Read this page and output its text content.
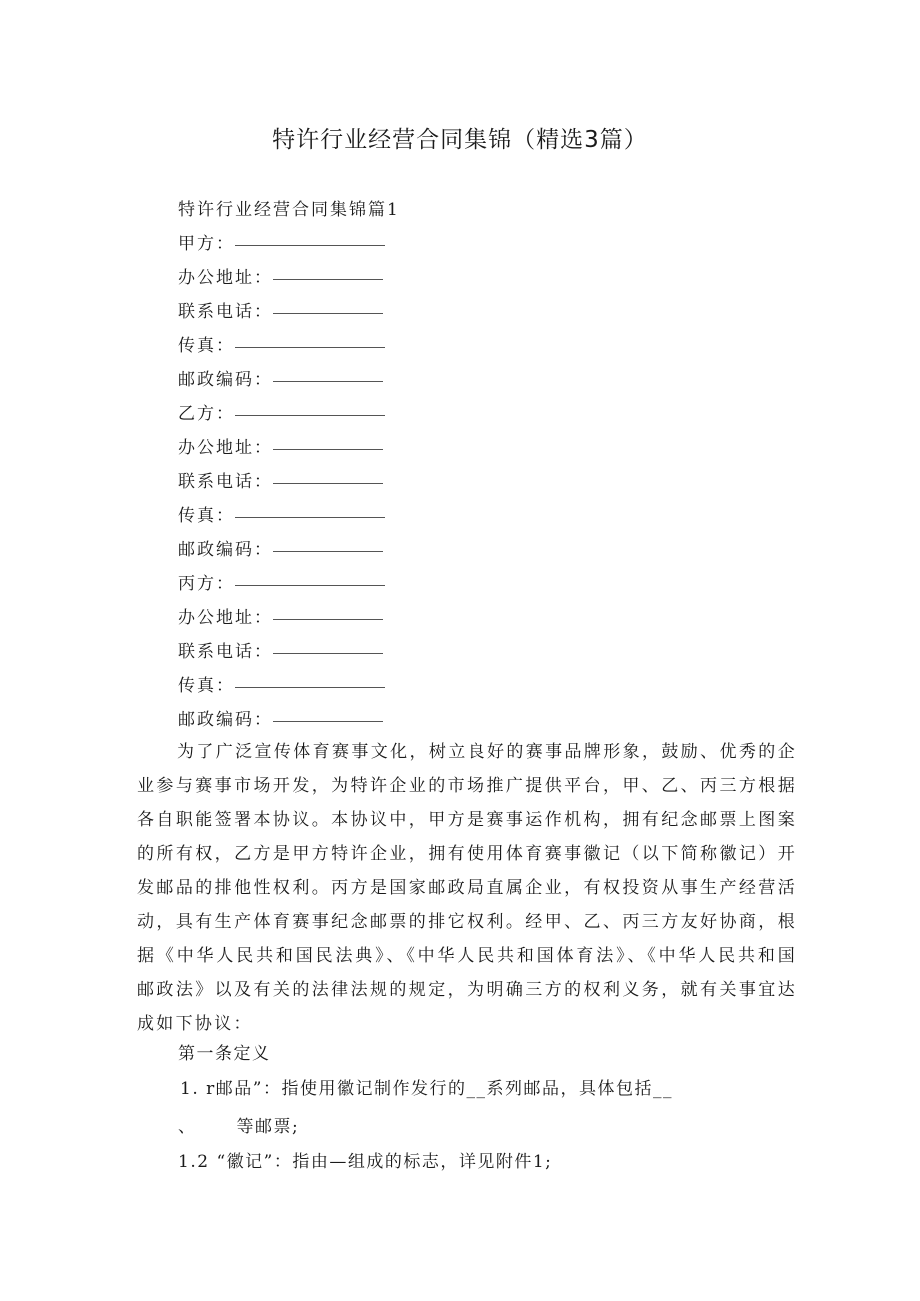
特许行业经营合同集锦（精选3篇）
特许行业经营合同集锦篇1
甲方：
办公地址：
联系电话：
传真：
邮政编码：
乙方：
办公地址：
联系电话：
传真：
邮政编码：
丙方：
办公地址：
联系电话：
传真：
邮政编码：

为了广泛宣传体育赛事文化，树立良好的赛事品牌形象，鼓励、优秀的企业参与赛事市场开发，为特许企业的市场推广提供平台，甲、乙、丙三方根据各自职能签署本协议。本协议中，甲方是赛事运作机构，拥有纪念邮票上图案的所有权，乙方是甲方特许企业，拥有使用体育赛事徽记（以下简称徽记）开发邮品的排他性权利。丙方是国家邮政局直属企业，有权投资从事生产经营活动，具有生产体育赛事纪念邮票的排它权利。经甲、乙、丙三方友好协商，根据《中华人民共和国民法典》、《中华人民共和国体育法》、《中华人民共和国邮政法》以及有关的法律法规的规定，为明确三方的权利义务，就有关事宜达成如下协议：

第一条定义
1. r邮品”：指使用徽记制作发行的__系列邮品，具体包括__
、 等邮票;
1.2 “徽记”：指由—组成的标志，详见附件1;
